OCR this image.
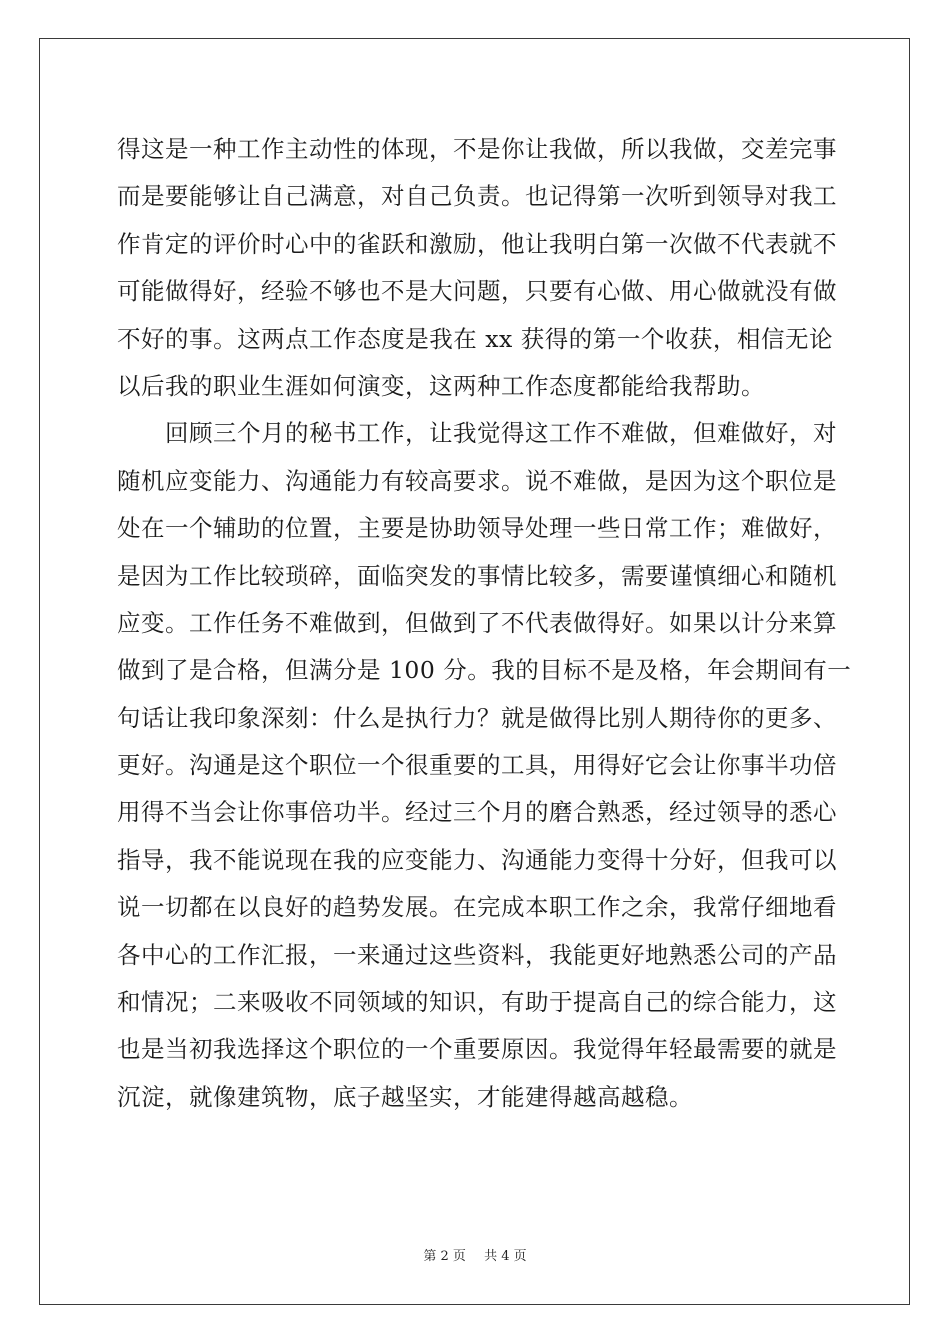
得这是一种工作主动性的体现，不是你让我做，所以我做，交差完事
而是要能够让自己满意，对自己负责。也记得第一次听到领导对我工
作肯定的评价时心中的雀跃和激励，他让我明白第一次做不代表就不
可能做得好，经验不够也不是大问题，只要有心做、用心做就没有做
不好的事。这两点工作态度是我在 xx 获得的第一个收获，相信无论
以后我的职业生涯如何演变，这两种工作态度都能给我帮助。
回顾三个月的秘书工作，让我觉得这工作不难做，但难做好，对
随机应变能力、沟通能力有较高要求。说不难做，是因为这个职位是
处在一个辅助的位置，主要是协助领导处理一些日常工作；难做好，
是因为工作比较琐碎，面临突发的事情比较多，需要谨慎细心和随机
应变。工作任务不难做到，但做到了不代表做得好。如果以计分来算
做到了是合格，但满分是 100 分。我的目标不是及格，年会期间有一
句话让我印象深刻：什么是执行力？就是做得比别人期待你的更多、
更好。沟通是这个职位一个很重要的工具，用得好它会让你事半功倍
用得不当会让你事倍功半。经过三个月的磨合熟悉，经过领导的悉心
指导，我不能说现在我的应变能力、沟通能力变得十分好，但我可以
说一切都在以良好的趋势发展。在完成本职工作之余，我常仔细地看
各中心的工作汇报，一来通过这些资料，我能更好地熟悉公司的产品
和情况；二来吸收不同领域的知识，有助于提高自己的综合能力，这
也是当初我选择这个职位的一个重要原因。我觉得年轻最需要的就是
沉淀，就像建筑物，底子越坚实，才能建得越高越稳。
第 2 页 共 4 页
